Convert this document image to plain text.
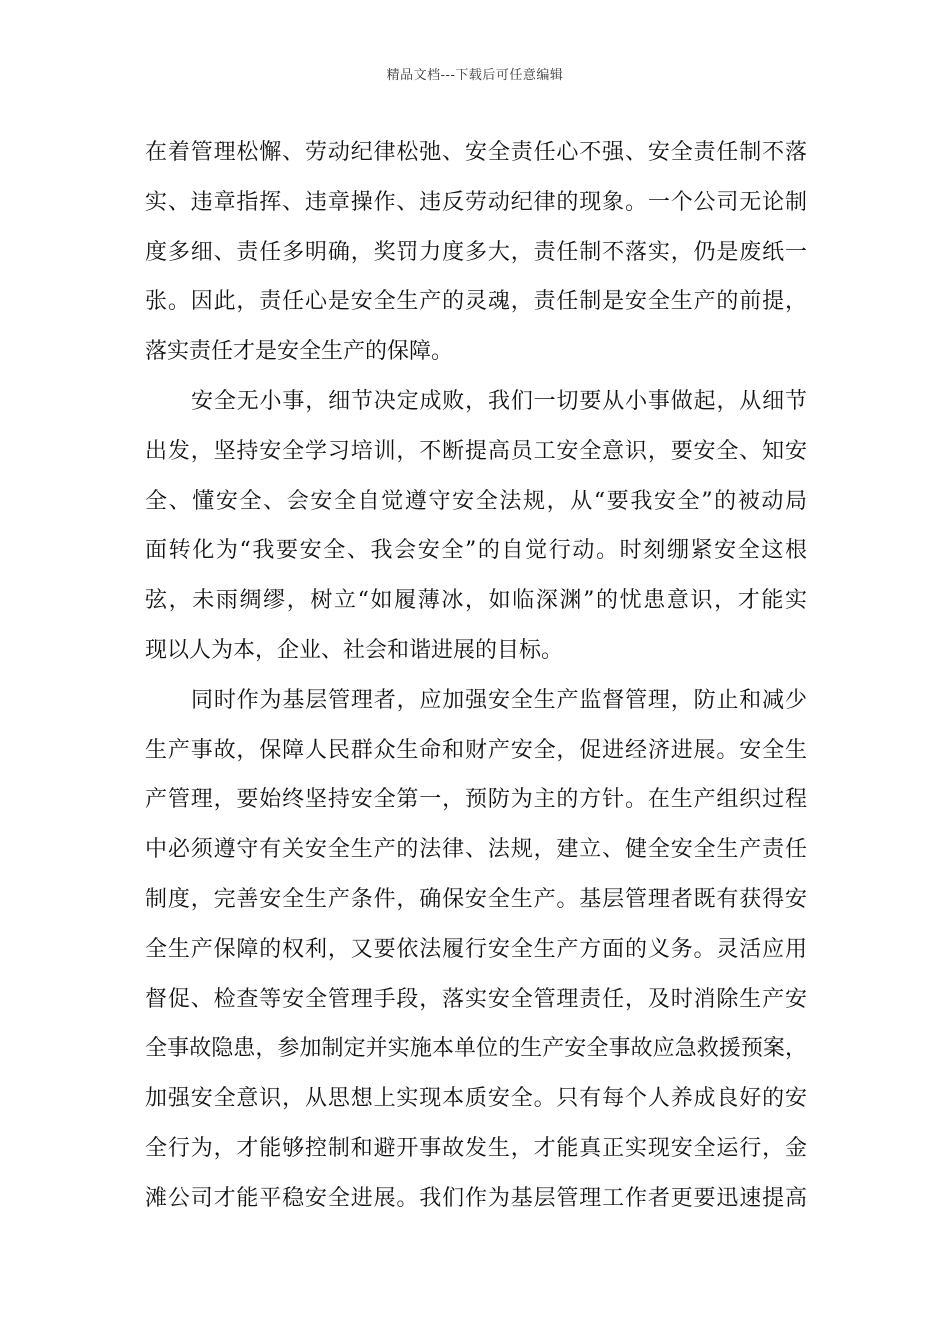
精品文档---下载后可任意编辑
在着管理松懈、劳动纪律松弛、安全责任心不强、安全责任制不落
实、违章指挥、违章操作、违反劳动纪律的现象。一个公司无论制
度多细、责任多明确，奖罚力度多大，责任制不落实，仍是废纸一
张。因此，责任心是安全生产的灵魂，责任制是安全生产的前提，
落实责任才是安全生产的保障。
安全无小事，细节决定成败，我们一切要从小事做起，从细节
出发，坚持安全学习培训，不断提高员工安全意识，要安全、知安
全、懂安全、会安全自觉遵守安全法规，从“要我安全”的被动局
面转化为“我要安全、我会安全”的自觉行动。时刻绷紧安全这根
弦，未雨绸缪，树立“如履薄冰，如临深渊”的忧患意识，才能实
现以人为本，企业、社会和谐进展的目标。
同时作为基层管理者，应加强安全生产监督管理，防止和减少
生产事故，保障人民群众生命和财产安全，促进经济进展。安全生
产管理，要始终坚持安全第一，预防为主的方针。在生产组织过程
中必须遵守有关安全生产的法律、法规，建立、健全安全生产责任
制度，完善安全生产条件，确保安全生产。基层管理者既有获得安
全生产保障的权利，又要依法履行安全生产方面的义务。灵活应用
督促、检查等安全管理手段，落实安全管理责任，及时消除生产安
全事故隐患，参加制定并实施本单位的生产安全事故应急救援预案，
加强安全意识，从思想上实现本质安全。只有每个人养成良好的安
全行为，才能够控制和避开事故发生，才能真正实现安全运行，金
滩公司才能平稳安全进展。我们作为基层管理工作者更要迅速提高
